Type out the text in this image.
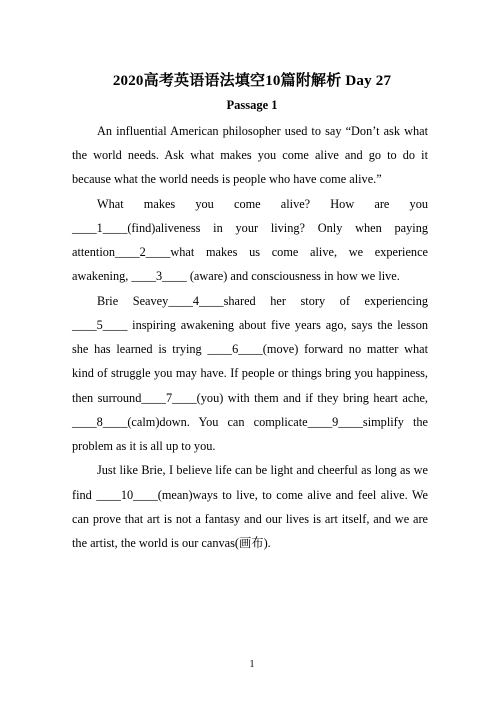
2020高考英语语法填空10篇附解析 Day 27
Passage 1

An influential American philosopher used to say “Don’t ask what the world needs. Ask what makes you come alive and go to do it because what the world needs is people who have come alive.”

What makes you come alive? How are you ____1____(find)aliveness in your living? Only when paying attention____2____what makes us come alive, we experience awakening, ____3____ (aware) and consciousness in how we live.

Brie Seavey____4____shared her story of experiencing ____5____ inspiring awakening about five years ago, says the lesson she has learned is trying ____6____(move) forward no matter what kind of struggle you may have. If people or things bring you happiness, then surround____7____(you) with them and if they bring heart ache, ____8____(calm)down. You can complicate____9____simplify the problem as it is all up to you.

Just like Brie, I believe life can be light and cheerful as long as we find ____10____(mean)ways to live, to come alive and feel alive. We can prove that art is not a fantasy and our lives is art itself, and we are the artist, the world is our canvas(画布).

1
